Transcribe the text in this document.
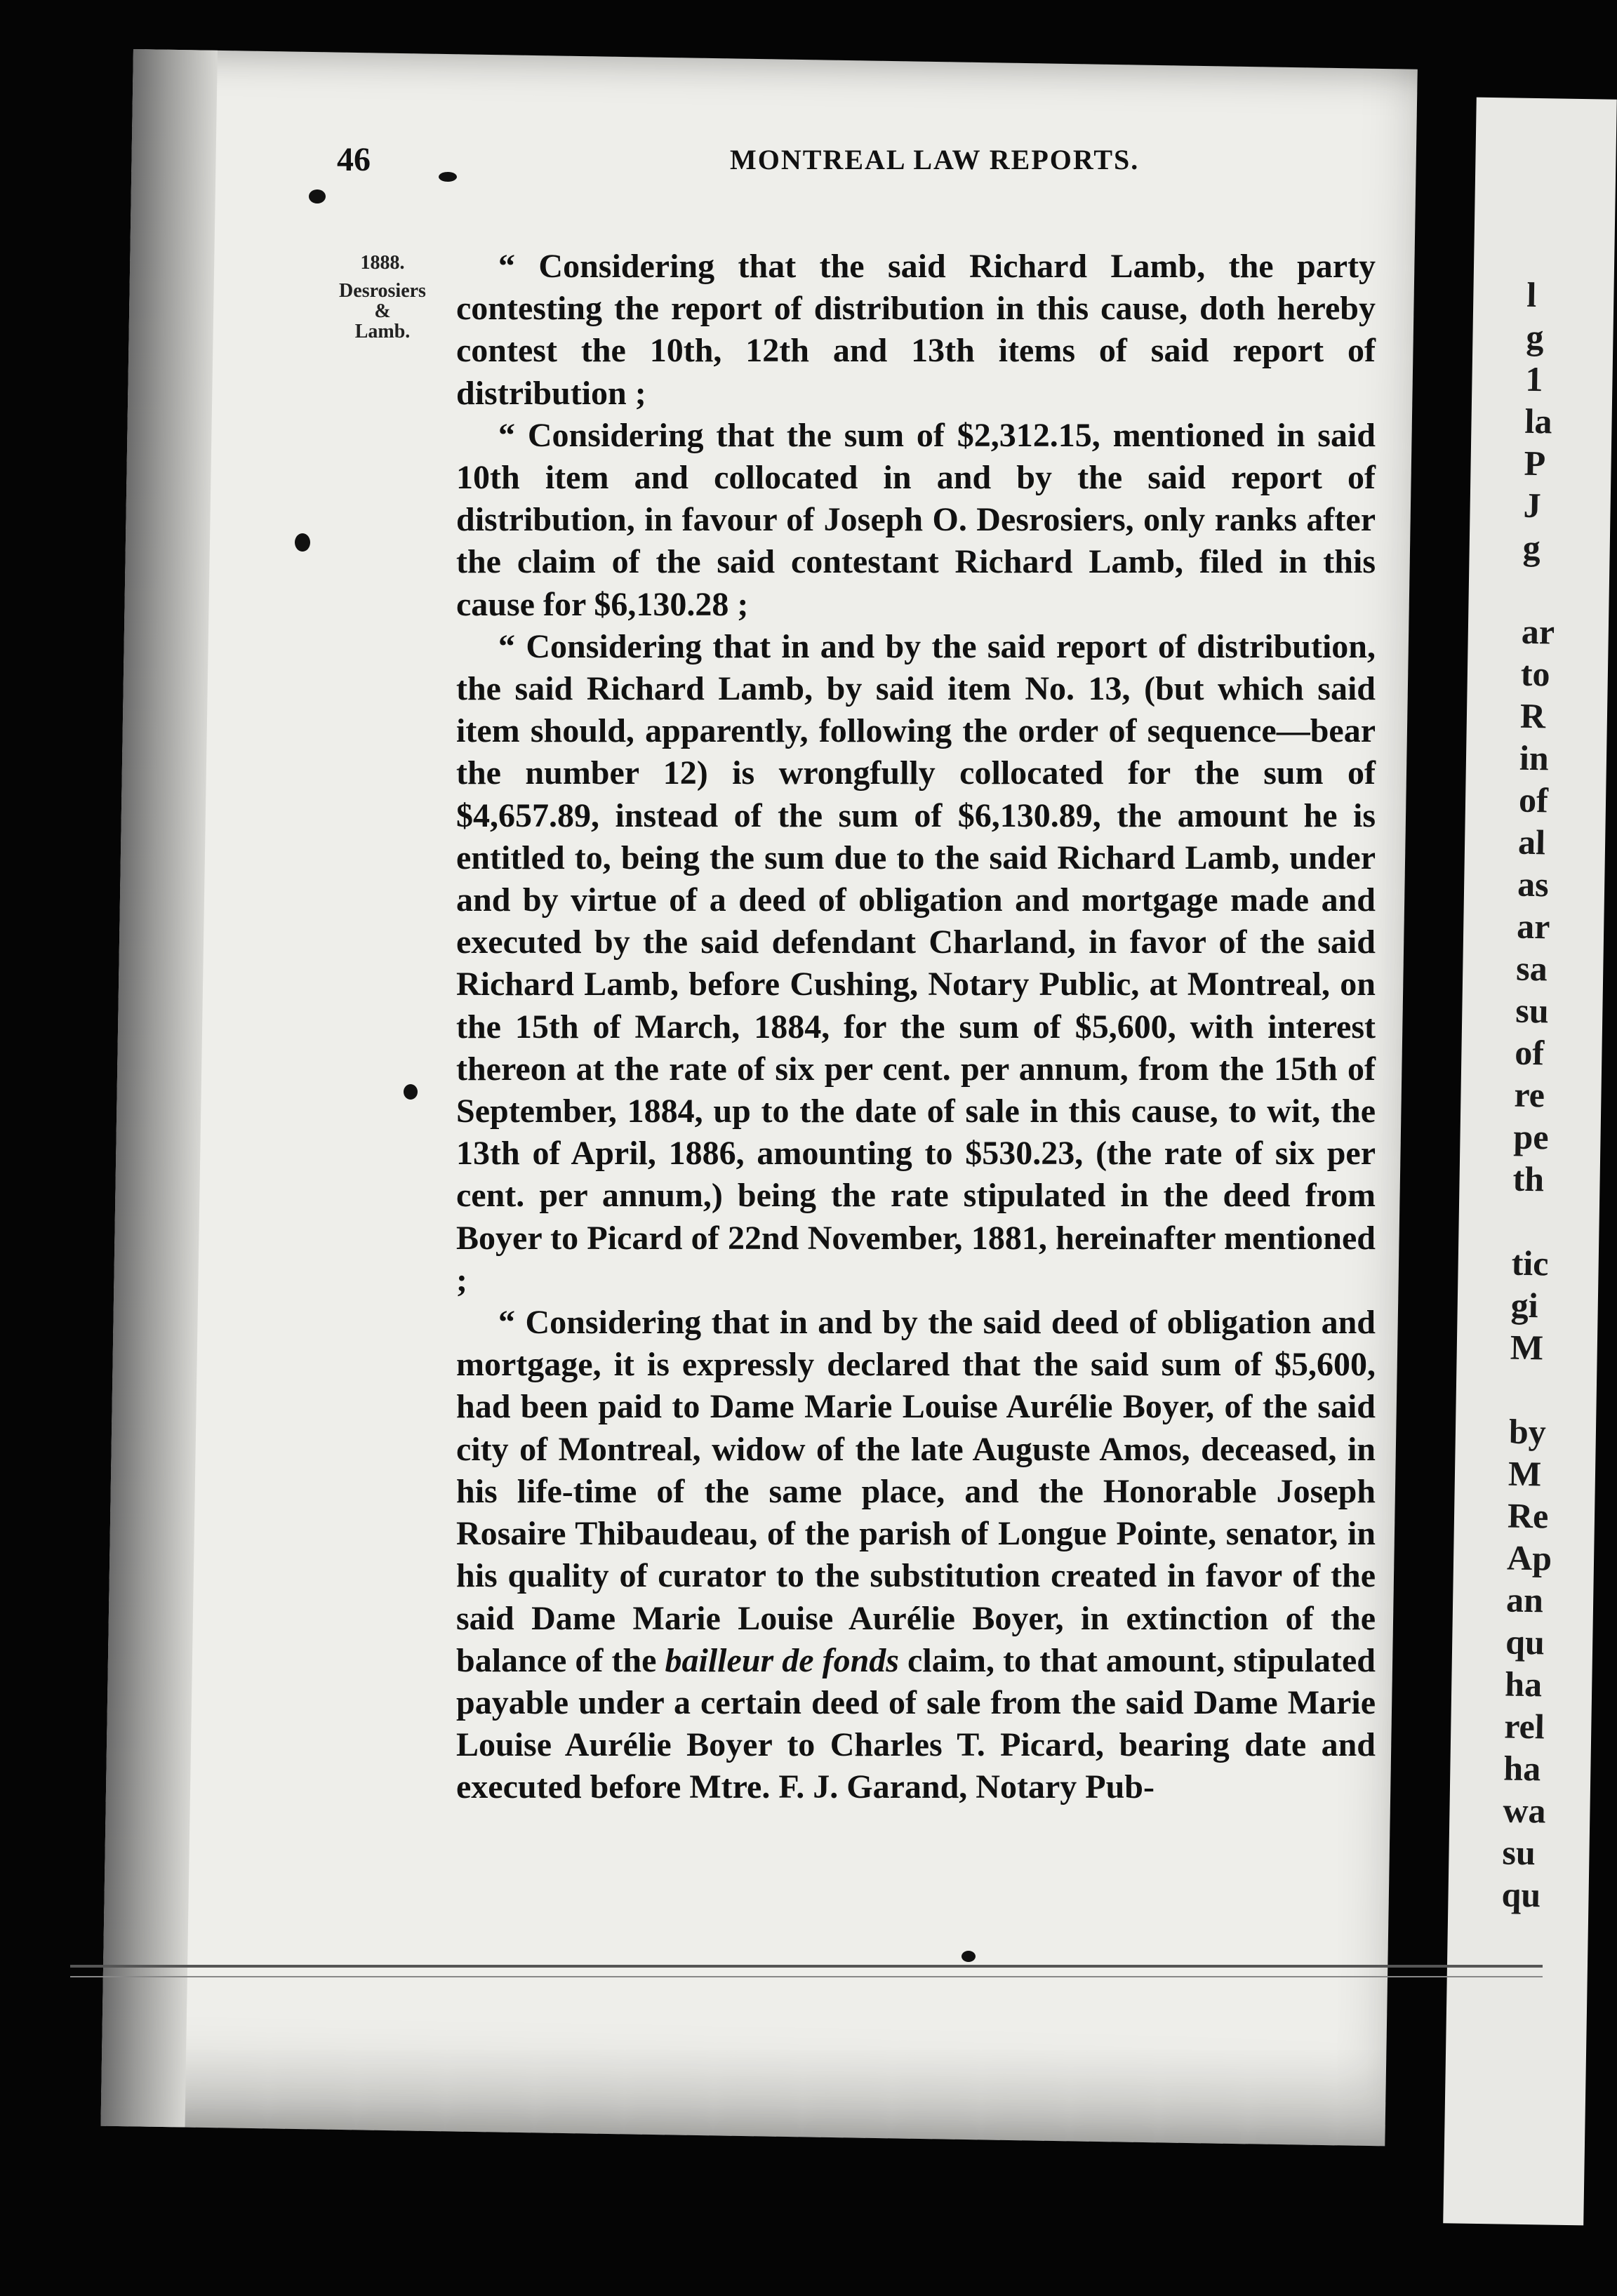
l
g
1
la
P
J
g
ar
to
R
in
of
al
as
ar
sa
su
of
re
pe
th
tic
gi
M
by
M
Re
Ap
an
qu
ha
rel
ha
wa
su
qu
46	MONTREAL LAW REPORTS.
1888.
Desrosiers
&
Lamb.

“ Considering that the said Richard Lamb, the party contesting the report of distribution in this cause, doth hereby contest the 10th, 12th and 13th items of said report of distribution ;

“ Considering that the sum of $2,312.15, mentioned in said 10th item and collocated in and by the said report of distribution, in favour of Joseph O. Desrosiers, only ranks after the claim of the said contestant Richard Lamb, filed in this cause for $6,130.28 ;

“ Considering that in and by the said report of distribution, the said Richard Lamb, by said item No. 13, (but which said item should, apparently, following the order of sequence—bear the number 12) is wrongfully collocated for the sum of $4,657.89, instead of the sum of $6,130.89, the amount he is entitled to, being the sum due to the said Richard Lamb, under and by virtue of a deed of obligation and mortgage made and executed by the said defendant Charland, in favor of the said Richard Lamb, before Cushing, Notary Public, at Montreal, on the 15th of March, 1884, for the sum of $5,600, with interest thereon at the rate of six per cent. per annum, from the 15th of September, 1884, up to the date of sale in this cause, to wit, the 13th of April, 1886, amounting to $530.23, (the rate of six per cent. per annum,) being the rate stipulated in the deed from Boyer to Picard of 22nd November, 1881, hereinafter mentioned ;

“ Considering that in and by the said deed of obligation and mortgage, it is expressly declared that the said sum of $5,600, had been paid to Dame Marie Louise Aurélie Boyer, of the said city of Montreal, widow of the late Auguste Amos, deceased, in his life-time of the same place, and the Honorable Joseph Rosaire Thibaudeau, of the parish of Longue Pointe, senator, in his quality of curator to the substitution created in favor of the said Dame Marie Louise Aurélie Boyer, in extinction of the balance of the bailleur de fonds claim, to that amount, stipulated payable under a certain deed of sale from the said Dame Marie Louise Aurélie Boyer to Charles T. Picard, bearing date and executed before Mtre. F. J. Garand, Notary Pub-
